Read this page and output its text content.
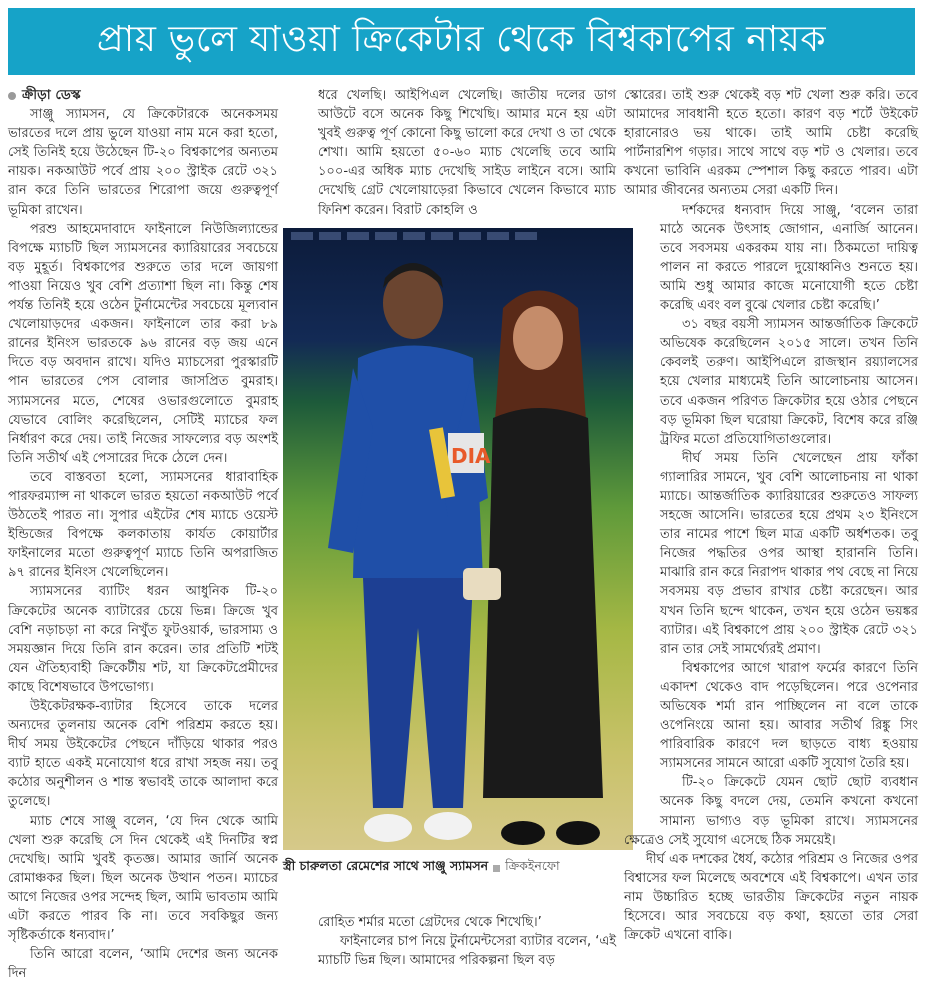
প্রায় ভুলে যাওয়া ক্রিকেটার থেকে বিশ্বকাপের নায়ক
ক্রীড়া ডেস্ক

সাঞ্জু স্যামসন, যে ক্রিকেটারকে অনেকসময় ভারতের দলে প্রায় ভুলে যাওয়া নাম মনে করা হতো, সেই তিনিই হয়ে উঠেছেন টি-২০ বিশ্বকাপের অন্যতম নায়ক। নকআউট পর্বে প্রায় ২০০ স্ট্রাইক রেটে ৩২১ রান করে তিনি ভারতের শিরোপা জয়ে গুরুত্বপূর্ণ ভূমিকা রাখেন।

পরশু আহমেদাবাদে ফাইনালে নিউজিল্যান্ডের বিপক্ষে ম্যাচটি ছিল স্যামসনের ক্যারিয়ারের সবচেয়ে বড় মুহূর্ত। বিশ্বকাপের শুরুতে তার দলে জায়গা পাওয়া নিয়েও খুব বেশি প্রত্যাশা ছিল না। কিন্তু শেষ পর্যন্ত তিনিই হয়ে ওঠেন টুর্নামেন্টের সবচেয়ে মূল্যবান খেলোয়াড়দের একজন। ফাইনালে তার করা ৮৯ রানের ইনিংস ভারতকে ৯৬ রানের বড় জয় এনে দিতে বড় অবদান রাখে। যদিও ম্যাচসেরা পুরস্কারটি পান ভারতের পেস বোলার জাসপ্রিত বুমরাহ। স্যামসনের মতে, শেষের ওভারগুলোতে বুমরাহ যেভাবে বোলিং করেছিলেন, সেটিই ম্যাচের ফল নির্ধারণ করে দেয়। তাই নিজের সাফল্যের বড় অংশই তিনি সতীর্থ এই পেসারের দিকে ঠেলে দেন।

তবে বাস্তবতা হলো, স্যামসনের ধারাবাহিক পারফরম্যান্স না থাকলে ভারত হয়তো নকআউট পর্বে উঠতেই পারত না। সুপার এইটের শেষ ম্যাচে ওয়েস্ট ইন্ডিজের বিপক্ষে কলকাতায় কার্যত কোয়ার্টার ফাইনালের মতো গুরুত্বপূর্ণ ম্যাচে তিনি অপরাজিত ৯৭ রানের ইনিংস খেলেছিলেন।

স্যামসনের ব্যাটিং ধরন আধুনিক টি-২০ ক্রিকেটের অনেক ব্যাটারের চেয়ে ভিন্ন। ক্রিজে খুব বেশি নড়াচড়া না করে নিখুঁত ফুটওয়ার্ক, ভারসাম্য ও সময়জ্ঞান দিয়ে তিনি রান করেন। তার প্রতিটি শটই যেন ঐতিহ্যবাহী ক্রিকেটীয় শট, যা ক্রিকেটপ্রেমীদের কাছে বিশেষভাবে উপভোগ্য।

উইকেটরক্ষক-ব্যাটার হিসেবে তাকে দলের অন্যদের তুলনায় অনেক বেশি পরিশ্রম করতে হয়। দীর্ঘ সময় উইকেটের পেছনে দাঁড়িয়ে থাকার পরও ব্যাট হাতে একই মনোযোগ ধরে রাখা সহজ নয়। তবু কঠোর অনুশীলন ও শান্ত স্বভাবই তাকে আলাদা করে তুলেছে।

ম্যাচ শেষে সাঞ্জু বলেন, ‘যে দিন থেকে আমি খেলা শুরু করেছি সে দিন থেকেই এই দিনটির স্বপ্ন দেখেছি। আমি খুবই কৃতজ্ঞ। আমার জার্নি অনেক রোমাঞ্চকর ছিল। ছিল অনেক উত্থান পতন। ম্যাচের আগে নিজের ওপর সন্দেহ ছিল, আমি ভাবতাম আমি এটা করতে পারব কি না। তবে সবকিছুর জন্য সৃষ্টিকর্তাকে ধন্যবাদ।’

তিনি আরো বলেন, ‘আমি দেশের জন্য অনেক দিন

ধরে খেলছি। আইপিএল খেলেছি। জাতীয় দলের ডাগ আউটে বসে অনেক কিছু শিখেছি। আমার মনে হয় এটা খুবই গুরুত্ব পূর্ণ কোনো কিছু ভালো করে দেখা ও তা থেকে শেখা। আমি হয়তো ৫০-৬০ ম্যাচ খেলেছি তবে আমি ১০০-এর অধিক ম্যাচ দেখেছি সাইড লাইনে বসে। আমি দেখেছি গ্রেট খেলোয়াড়েরা কিভাবে খেলেন কিভাবে ম্যাচ ফিনিশ করেন। বিরাট কোহলি ও

DIA
স্ত্রী চারুলতা রেমেশের সাথে সাঞ্জু স্যামসন ক্রিকইনফো

রোহিত শর্মার মতো গ্রেটদের থেকে শিখেছি।’

ফাইনালের চাপ নিয়ে টুর্নামেন্টসেরা ব্যাটার বলেন, ‘এই ম্যাচটি ভিন্ন ছিল। আমাদের পরিকল্পনা ছিল বড়

স্কোরের। তাই শুরু থেকেই বড় শট খেলা শুরু করি। তবে আমাদের সাবধানী হতে হতো। কারণ বড় শর্টে উইকেট হারানোরও ভয় থাকে। তাই আমি চেষ্টা করেছি পার্টনারশিপ গড়ার। সাথে সাথে বড় শট ও খেলার। তবে কখনো ভাবিনি এরকম স্পেশাল কিছু করতে পারব। এটা আমার জীবনের অন্যতম সেরা একটি দিন।

দর্শকদের ধন্যবাদ দিয়ে সাঞ্জু, ‘বলেন তারা মাঠে অনেক উৎসাহ জোগান, এনার্জি আনেন। তবে সবসময় একরকম যায় না। ঠিকমতো দায়িত্ব পালন না করতে পারলে দুয়োধ্বনিও শুনতে হয়। আমি শুধু আমার কাজে মনোযোগী হতে চেষ্টা করেছি এবং বল বুঝে খেলার চেষ্টা করেছি।’

৩১ বছর বয়সী স্যামসন আন্তর্জাতিক ক্রিকেটে অভিষেক করেছিলেন ২০১৫ সালে। তখন তিনি কেবলই তরুণ। আইপিএলে রাজস্থান রয়্যালসের হয়ে খেলার মাধ্যমেই তিনি আলোচনায় আসেন। তবে একজন পরিণত ক্রিকেটার হয়ে ওঠার পেছনে বড় ভূমিকা ছিল ঘরোয়া ক্রিকেট, বিশেষ করে রঞ্জি ট্রফির মতো প্রতিযোগিতাগুলোর।

দীর্ঘ সময় তিনি খেলেছেন প্রায় ফাঁকা গ্যালারির সামনে, খুব বেশি আলোচনায় না থাকা ম্যাচে। আন্তর্জাতিক ক্যারিয়ারের শুরুতেও সাফল্য সহজে আসেনি। ভারতের হয়ে প্রথম ২৩ ইনিংসে তার নামের পাশে ছিল মাত্র একটি অর্ধশতক। তবু নিজের পদ্ধতির ওপর আস্থা হারাননি তিনি। মাঝারি রান করে নিরাপদ থাকার পথ বেছে না নিয়ে সবসময় বড় প্রভাব রাখার চেষ্টা করেছেন। আর যখন তিনি ছন্দে থাকেন, তখন হয়ে ওঠেন ভয়ঙ্কর ব্যাটার। এই বিশ্বকাপে প্রায় ২০০ স্ট্রাইক রেটে ৩২১ রান তার সেই সামর্থ্যেরই প্রমাণ।

বিশ্বকাপের আগে খারাপ ফর্মের কারণে তিনি একাদশ থেকেও বাদ পড়েছিলেন। পরে ওপেনার অভিষেক শর্মা রান পাচ্ছিলেন না বলে তাকে ওপেনিংয়ে আনা হয়। আবার সতীর্থ রিঙ্কু সিং পারিবারিক কারণে দল ছাড়তে বাধ্য হওয়ায় স্যামসনের সামনে আরো একটি সুযোগ তৈরি হয়।

টি-২০ ক্রিকেটে যেমন ছোট ছোট ব্যবধান অনেক কিছু বদলে দেয়, তেমনি কখনো কখনো সামান্য ভাগ্যও বড় ভূমিকা রাখে। স্যামসনের ক্ষেত্রেও সেই সুযোগ এসেছে ঠিক সময়েই।

দীর্ঘ এক দশকের ধৈর্য, কঠোর পরিশ্রম ও নিজের ওপর বিশ্বাসের ফল মিলেছে অবশেষে এই বিশ্বকাপে। এখন তার নাম উচ্চারিত হচ্ছে ভারতীয় ক্রিকেটের নতুন নায়ক হিসেবে। আর সবচেয়ে বড় কথা, হয়তো তার সেরা ক্রিকেট এখনো বাকি।
